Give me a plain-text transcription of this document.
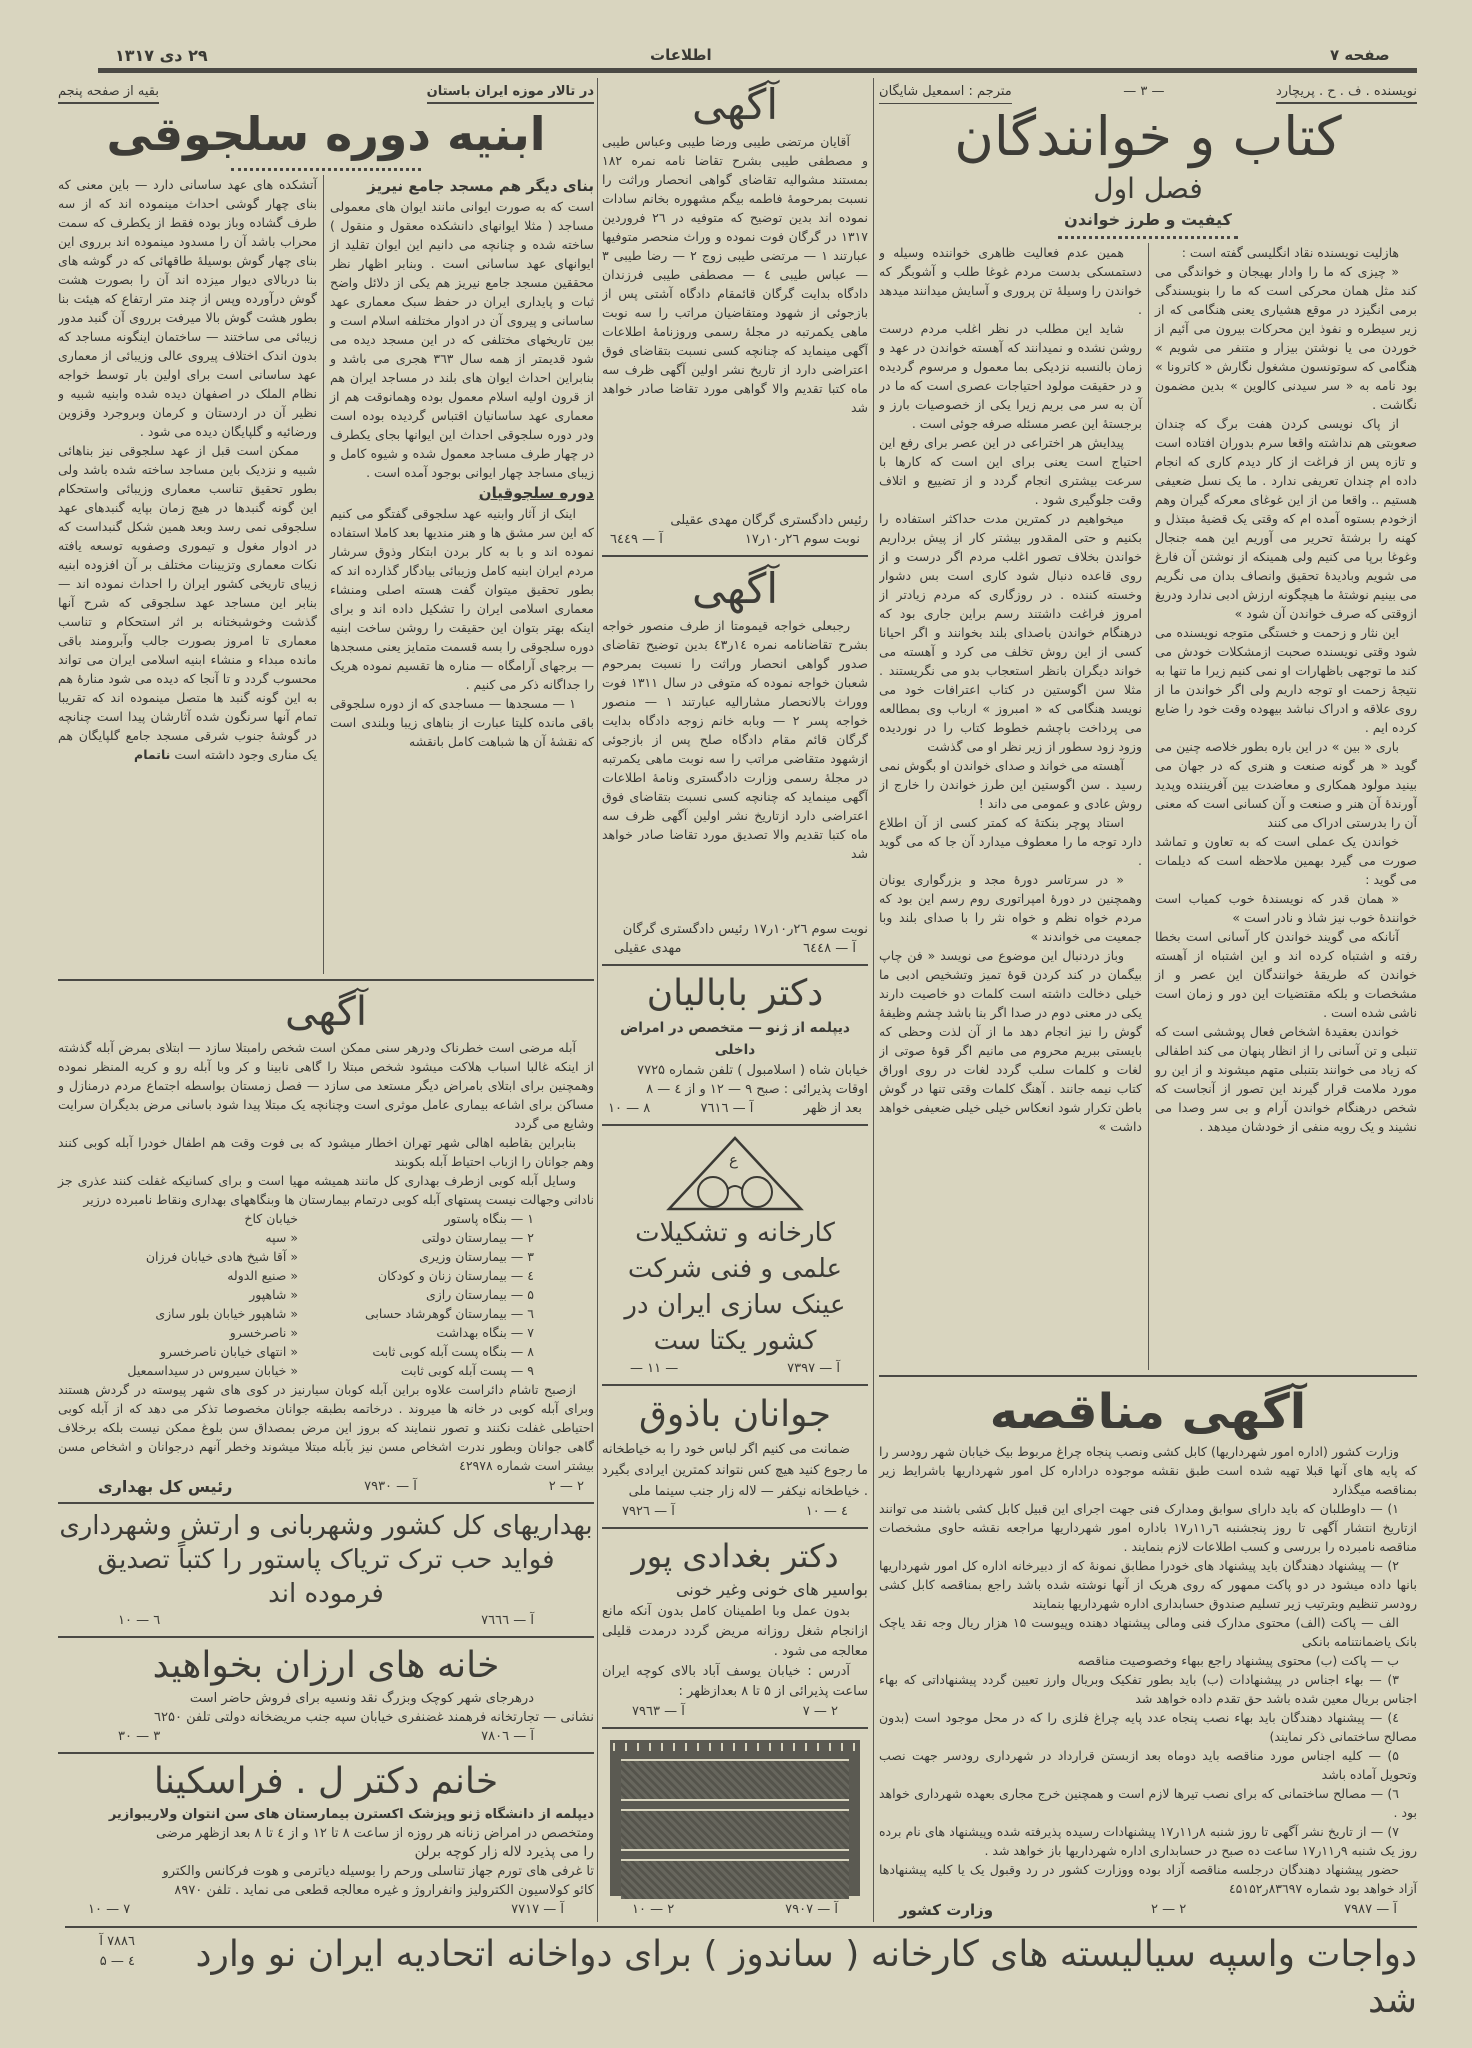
صفحه ۷
اطلاعات
۲۹ دی ۱۳۱۷
نویسنده . ف . ح . پریچارد
— ۳ —
مترجم : اسمعیل شایگان
کتاب و خوانندگان
فصل اول
کیفیت و طرز خواندن

هازلیت نویسنده نقاد انگلیسی گفته است :

« چیزی که ما را وادار بهیجان و خواندگی می کند مثل همان محرکی است که ما را بنویسندگی برمی انگیزد در موقع هشیاری یعنی هنگامی که از زیر سیطره و نفوذ این محرکات بیرون می آئیم از خوردن می یا نوشتن بیزار و متنفر می شویم » هنگامی که سوتونسون مشغول نگارش « کاترونا » بود نامه به « سر سیدنی کالوین » بدین مضمون نگاشت .

از پاک نویسی کردن هفت برگ که چندان صعوبتی هم نداشته واقعا سرم بدوران افتاده است و تازه پس از فراغت از کار دیدم کاری که انجام داده ام چندان تعریفی ندارد . ما یک نسل ضعیفی هستیم .. واقعا من از این غوغای معرکه گیران وهم ازخودم بستوه آمده ام که وقتی یک قضیهٔ مبتذل و کهنه را برشتهٔ تحریر می آوریم این همه جنجال وغوغا برپا می کنیم ولی همینکه از نوشتن آن فارغ می شویم وبادیدهٔ تحقیق وانصاف بدان می نگریم می بینیم نوشتهٔ ما هیچگونه ارزش ادبی ندارد ودریغ ازوقتی که صرف خواندن آن شود »

این نثار و زحمت و خستگی متوجه نویسنده می شود وقتی نویسنده صحبت ازمشکلات خودش می کند ما توجهی باظهارات او نمی کنیم زیرا ما تنها به نتیجهٔ زحمت او توجه داریم ولی اگر خواندن ما از روی علاقه و ادراک نباشد بیهوده وقت خود را ضایع کرده ایم .

باری « بین » در این باره بطور خلاصه چنین می گوید « هر گونه صنعت و هنری که در جهان می بینید مولود همکاری و معاضدت بین آفریننده وپدید آورندهٔ آن هنر و صنعت و آن کسانی است که معنی آن را بدرستی ادراک می کنند

خواندن یک عملی است که به تعاون و تماشد صورت می گیرد بهمین ملاحظه است که دیلمات می گوید :

« همان قدر که نویسندهٔ خوب کمیاب است خوانندهٔ خوب نیز شاذ و نادر است »

آنانکه می گویند خواندن کار آسانی است بخطا رفته و اشتباه کرده اند و این اشتباه از آهسته خواندن که طریقهٔ خوانندگان این عصر و از مشخصات و بلکه مقتضیات این دور و زمان است ناشی شده است .

خواندن بعقیدهٔ اشخاص فعال پوششی است که تنبلی و تن آسانی را از انظار پنهان می کند اطفالی که زیاد می خوانند بتنبلی متهم میشوند و از این رو مورد ملامت قرار گیرند این تصور از آنجاست که شخص درهنگام خواندن آرام و بی سر وصدا می نشیند و یک رویه منفی از خودشان میدهد .

همین عدم فعالیت ظاهری خواننده وسیله و دستمسکی بدست مردم غوغا طلب و آشوبگر که خواندن را وسیلهٔ تن پروری و آسایش میدانند میدهد .

شاید این مطلب در نظر اغلب مردم درست روشن نشده و نمیدانند که آهسته خواندن در عهد و زمان بالنسبه نزدیکی بما معمول و مرسوم گردیده و در حقیقت مولود احتیاجات عصری است که ما در آن به سر می بریم زیرا یکی از خصوصیات بارز و برجستهٔ این عصر مسئله صرفه جوئی است .

پیدایش هر اختراعی در این عصر برای رفع این احتیاج است یعنی برای این است که کارها با سرعت بیشتری انجام گردد و از تضییع و اتلاف وقت جلوگیری شود .

میخواهیم در کمترین مدت حداکثر استفاده را بکنیم و حتی المقدور بیشتر کار از پیش برداریم خواندن بخلاف تصور اغلب مردم اگر درست و از روی قاعده دنبال شود کاری است بس دشوار وخسته کننده . در روزگاری که مردم زیادتر از امروز فراغت داشتند رسم براین جاری بود که درهنگام خواندن باصدای بلند بخوانند و اگر احیانا کسی از این روش تخلف می کرد و آهسته می خواند دیگران بانظر استعجاب بدو می نگریستند . مثلا سن اگوستین در کتاب اعترافات خود می نویسد هنگامی که « امبروز » ارباب وی بمطالعه می پرداخت باچشم خطوط کتاب را در نوردیده وزود زود سطور از زیر نظر او می گذشت

آهسته می خواند و صدای خواندن او بگوش نمی رسید . سن اگوستین این طرز خواندن را خارج از روش عادی و عمومی می داند !

استاد پوچر بنکتهٔ که کمتر کسی از آن اطلاع دارد توجه ما را معطوف میدارد آن جا که می گوید .

« در سرتاسر دورهٔ مجد و بزرگواری یونان وهمچنین در دورهٔ امپراتوری روم رسم این بود که مردم خواه نظم و خواه نثر را با صدای بلند وبا جمعیت می خواندند »

وباز دردنبال این موضوع می نویسد « فن چاپ بیگمان در کند کردن قوهٔ تمیز وتشخیص ادبی ما خیلی دخالت داشته است کلمات دو خاصیت دارند یکی در معنی دوم در صدا اگر بنا باشد چشم وظیفهٔ گوش را نیز انجام دهد ما از آن لذت وحظی که بایستی ببریم محروم می مانیم اگر قوهٔ صوتی از لغات و کلمات سلب گردد لغات در روی اوراق کتاب نیمه جانند . آهنگ کلمات وقتی تنها در گوش باطن تکرار شود انعکاس خیلی خیلی ضعیفی خواهد داشت »

آگهی مناقصه

وزارت کشور (اداره امور شهرداریها) کابل کشی ونصب پنجاه چراغ مربوط بیک خیابان شهر رودسر را که پایه های آنها قبلا تهیه شده است طبق نقشه موجوده دراداره کل امور شهرداریها باشرایط زیر بمناقصه میگذارد

۱) — داوطلبان که باید دارای سوابق ومدارک فنی جهت اجرای این قبیل کابل کشی باشند می توانند ازتاریخ انتشار آگهی تا روز پنجشنبه ٦ر۱۱ر۱۷ باداره امور شهرداریها مراجعه نقشه حاوی مشخصات مناقصه نامبرده را بررسی و کسب اطلاعات لازم بنمایند .

۲) — پیشنهاد دهندگان باید پیشنهاد های خودرا مطابق نمونهٔ که از دبیرخانه اداره کل امور شهرداریها بانها داده میشود در دو پاکت ممهور که روی هریک از آنها نوشته شده باشد راجع بمناقصه کابل کشی رودسر تنظیم وبترتیب زیر تسلیم صندوق حسابداری اداره شهرداریها بنمایند

الف — پاکت (الف) محتوی مدارک فنی ومالی پیشنهاد دهنده وپیوست ۱۵ هزار ریال وجه نقد یاچک بانک یاضمانتنامه بانکی

ب — پاکت (ب) محتوی پیشنهاد راجع ببهاء وخصوصیت مناقصه

۳) — بهاء اجناس در پیشنهادات (ب) باید بطور تفکیک وبریال وارز تعیین گردد پیشنهاداتی که بهاء اجناس بریال معین شده باشد حق تقدم داده خواهد شد

٤) — پیشنهاد دهندگان باید بهاء نصب پنجاه عدد پایه چراغ فلزی را که در محل موجود است (بدون مصالح ساختمانی ذکر نمایند)

۵) — کلیه اجناس مورد مناقصه باید دوماه بعد ازبستن قرارداد در شهرداری رودسر جهت نصب وتحویل آماده باشد

٦) — مصالح ساختمانی که برای نصب تیرها لازم است و همچنین خرج مجاری بعهده شهرداری خواهد بود .

۷) — از تاریخ نشر آگهی تا روز شنبه ۸ر۱۱ر۱۷ پیشنهادات رسیده پذیرفته شده وپیشنهاد های نام برده روز یک شنبه ۹ر۱۱ر۱۷ ساعت ده صبح در حسابداری اداره شهرداریها باز خواهد شد .

حضور پیشنهاد دهندگان درجلسه مناقصه آزاد بوده ووزارت کشور در رد وقبول یک یا کلیه پیشنهادها آزاد خواهد بود شماره ۸۳٦۹۷ر٤۵۱۵۲

آ — ۷۹۸۷
۲ — ۲
وزارت کشور
آگهی

آقایان مرتضی طیبی ورضا طیبی وعباس طیبی و مصطفی طیبی بشرح تقاضا نامه نمره ۱۸۲ بمستند مشوالیه تقاضای گواهی انحصار وراثت را نسبت بمرحومهٔ فاطمه بیگم مشهوره بخانم سادات نموده اند بدین توضیح که متوفیه در ۲٦ فروردین ۱۳۱۷ در گرگان فوت نموده و وراث منحصر متوفیها عبارتند ۱ — مرتضی طیبی زوج ۲ — رضا طیبی ۳ — عباس طیبی ٤ — مصطفی طیبی فرزندان دادگاه بدایت گرگان قائمقام دادگاه آشتی پس از بازجوئی از شهود ومتقاضیان مراتب را سه نوبت ماهی یکمرتبه در مجلهٔ رسمی وروزنامهٔ اطلاعات آگهی مینماید که چنانچه کسی نسبت بتقاضای فوق اعتراضی دارد از تاریخ نشر اولین آگهی ظرف سه ماه کتبا تقدیم والا گواهی مورد تقاضا صادر خواهد شد

رئیس دادگستری گرگان مهدی عقیلی
نوبت سوم ۲٦ر۱۰ر۱۷
آ — ٦٤٤٩
آگهی

رجبعلی خواجه قیمومتا از طرف منصور خواجه بشرح تقاضانامه نمره ۱٤ر٤۳ بدین توضیح تقاضای صدور گواهی انحصار وراثت را نسبت بمرحوم شعبان خواجه نموده که متوفی در سال ۱۳۱۱ فوت ووراث بالانحصار مشارالیه عبارتند ۱ — منصور خواجه پسر ۲ — وبابه خانم زوجه دادگاه بدایت گرگان قائم مقام دادگاه صلح پس از بازجوئی ازشهود متقاضی مراتب را سه نوبت ماهی یکمرتبه در مجلهٔ رسمی وزارت دادگستری ونامهٔ اطلاعات آگهی مینماید که چنانچه کسی نسبت بتقاضای فوق اعتراضی دارد ازتاریخ نشر اولین آگهی ظرف سه ماه کتبا تقدیم والا تصدیق مورد تقاضا صادر خواهد شد

نوبت سوم ۲٦ر۱۰ر۱۷ رئیس دادگستری گرگان
آ — ٦٤٤۸
مهدی عقیلی
دکتر بابالیان
دیپلمه از ژنو — متخصص در امراض داخلی
خیابان شاه ( اسلامبول ) تلفن شماره ۷۷۲۵
اوقات پذیرائی : صبح ۹ — ۱۲ و از ٤ — ۸
بعد از ظهر
آ — ۷٦۱٦
۸ — ۱۰
ع
کارخانه و تشکیلات علمی و فنی شرکت عینک سازی ایران در کشور یکتا ست
آ — ۷۳۹۷
— ۱۱ —
جوانان باذوق

ضمانت می کنیم اگر لباس خود را به خیاطخانه ما رجوع کنید هیچ کس نتواند کمترین ایرادی بگیرد . خیاطخانه نیکفر — لاله زار جنب سینما ملی

٤ — ۱۰
آ — ۷۹۲٦
دکتر بغدادی پور
بواسیر های خونی وغیر خونی

بدون عمل وبا اطمینان کامل بدون آنکه مانع ازانجام شغل روزانه مریض گردد درمدت قلیلی معالجه می شود .

آدرس : خیابان یوسف آباد بالای کوچه ایران ساعت پذیرائی از ۵ تا ۸ بعدازظهر :

۲ — ۷
آ — ۷۹٦۳
آ — ۷۹۰۷
۲ — ۱۰
در تالار موزه ایران باستان
بقیه از صفحه پنجم
ابنیه دوره سلجوقی
بنای دیگر هم مسجد جامع نیریز

است که به صورت ایوانی مانند ایوان های معمولی مساجد ( مثلا ایوانهای دانشکده معقول و منقول ) ساخته شده و چنانچه می دانیم این ایوان تقلید از ایوانهای عهد ساسانی است . وبنابر اظهار نظر محققین مسجد جامع نیریز هم یکی از دلائل واضح ثبات و پایداری ایران در حفظ سبک معماری عهد ساسانی و پیروی آن در ادوار مختلفه اسلام است و بین تاریخهای مختلفی که در این مسجد دیده می شود قدیمتر از همه سال ۳٦۳ هجری می باشد و بنابراین احداث ایوان های بلند در مساجد ایران هم از قرون اولیه اسلام معمول بوده وهمانوقت هم از معماری عهد ساسانیان اقتباس گردیده بوده است ودر دوره سلجوقی احداث این ایوانها بجای یکطرف در چهار طرف مساجد معمول شده و شیوه کامل و زیبای مساجد چهار ایوانی بوجود آمده است .

دوره سلجوقیان

اینک از آثار وابنیه عهد سلجوقی گفتگو می کنیم که این سر مشق ها و هنر مندیها بعد کاملا استفاده نموده اند و با به کار بردن ابتکار وذوق سرشار مردم ایران ابنیه کامل وزیبائی بیادگار گذارده اند که بطور تحقیق میتوان گفت هسته اصلی ومنشاء معماری اسلامی ایران را تشکیل داده اند و برای اینکه بهتر بتوان این حقیقت را روشن ساخت ابنیه دوره سلجوقی را بسه قسمت متمایز یعنی مسجدها — برجهای آرامگاه — مناره ها تقسیم نموده هریک را جداگانه ذکر می کنیم .

۱ — مسجدها — مساجدی که از دوره سلجوقی باقی مانده کلیتا عبارت از بناهای زیبا وبلندی است که نقشهٔ آن ها شباهت کامل بانقشه

آتشکده های عهد ساسانی دارد — باین معنی که بنای چهار گوشی احداث مینموده اند که از سه طرف گشاده وباز بوده فقط از یکطرف که سمت محراب باشد آن را مسدود مینموده اند برروی این بنای چهار گوش بوسیلهٔ طاقهائی که در گوشه های بنا دربالای دیوار میزده اند آن را بصورت هشت گوش درآورده وپس از چند متر ارتفاع که هیئت بنا بطور هشت گوش بالا میرفت برروی آن گنبد مدور زیبائی می ساختند — ساختمان اینگونه مساجد که بدون اندک اختلاف پیروی عالی وزیبائی از معماری عهد ساسانی است برای اولین بار توسط خواجه نظام الملک در اصفهان دیده شده وابنیه شبیه و نظیر آن در اردستان و کرمان وبروجرد وقزوین ورضائیه و گلپایگان دیده می شود .

ممکن است قبل از عهد سلجوقی نیز بناهائی شبیه و نزدیک باین مساجد ساخته شده باشد ولی بطور تحقیق تناسب معماری وزیبائی واستحکام این گونه گنبدها در هیچ زمان بپایه گنبدهای عهد سلجوقی نمی رسد وبعد همین شکل گنبداست که در ادوار مغول و تیموری وصفویه توسعه یافته نکات معماری وتزیینات مختلف بر آن افزوده ابنیه زیبای تاریخی کشور ایران را احداث نموده اند — بنابر این مساجد عهد سلجوقی که شرح آنها گذشت وخوشبختانه بر اثر استحکام و تناسب معماری تا امروز بصورت جالب وآبرومند باقی مانده مبداء و منشاء ابنیه اسلامی ایران می تواند محسوب گردد و تا آنجا که دیده می شود منارهٔ هم به این گونه گنبد ها متصل مینموده اند که تقریبا تمام آنها سرنگون شده آثارشان پیدا است چنانچه در گوشهٔ جنوب شرقی مسجد جامع گلپایگان هم یک مناری وجود داشته است ناتمام

آگهی

آبله مرضی است خطرناک ودرهر سنی ممکن است شخص رامبتلا سازد — ابتلای بمرض آبله گذشته از اینکه غالبا اسباب هلاکت میشود شخص مبتلا را گاهی نابینا و کر وبا آبله رو و کریه المنظر نموده وهمچنین برای ابتلای بامراض دیگر مستعد می سازد — فصل زمستان بواسطه اجتماع مردم درمنازل و مساکن برای اشاعه بیماری عامل موثری است وچنانچه یک مبتلا پیدا شود باسانی مرض بدیگران سرایت وشایع می گردد

بنابراین بقاطبه اهالی شهر تهران اخطار میشود که بی فوت وقت هم اطفال خودرا آبله کوبی کنند وهم جوانان را ازباب احتیاط آبله بکوبند

وسایل آبله کوبی ازطرف بهداری کل مانند همیشه مهیا است و برای کسانیکه غفلت کنند عذری جز نادانی وجهالت نیست پستهای آبله کوبی درتمام بیمارستان ها وبنگاههای بهداری ونقاط نامبرده درزیر

۱ — بنگاه پاستور
خیابان کاخ
۲ — بیمارستان دولتی
« سپه
۳ — بیمارستان وزیری
« آقا شیخ هادی خیابان فرزان
٤ — بیمارستان زنان و کودکان
« صنیع الدوله
۵ — بیمارستان رازی
« شاهپور
٦ — بیمارستان گوهرشاد حسابی
« شاهپور خیابان بلور سازی
۷ — بنگاه بهداشت
« ناصرخسرو
۸ — بنگاه پست آبله کوبی ثابت
« انتهای خیابان ناصرخسرو
۹ — پست آبله کوبی ثابت
« خیابان سیروس در سیداسمعیل

ازصبح تاشام دائراست علاوه براین آبله کوبان سیارنیز در کوی های شهر پیوسته در گردش هستند وبرای آبله کوبی در خانه ها میروند . درخاتمه بطبقه جوانان مخصوصا تذکر می دهد که از آبله کوبی احتیاطی غفلت نکنند و تصور ننمایند که بروز این مرض بمصداق سن بلوغ ممکن نیست بلکه برخلاف گاهی جوانان وبطور ندرت اشخاص مسن نیز بآبله مبتلا میشوند وخطر آنهم درجوانان و اشخاص مسن بیشتر است شماره ٤۲۹۷۸

۲ — ۲
آ — ۷۹۳۰
رئیس کل بهداری
بهداریهای کل کشور وشهربانی و ارتش وشهرداری
فواید حب ترک تریاک پاستور را کتباً تصدیق فرموده اند
آ — ۷٦٦٦
٦ — ۱۰
خانه های ارزان بخواهید
درهرجای شهر کوچک وبزرگ نقد ونسیه برای فروش حاضر است
نشانی — تجارتخانه فرهمند غضنفری خیابان سپه جنب مریضخانه دولتی تلفن ٦۲۵۰
آ — ۷۸۰٦
۳ — ۳۰
خانم دکتر ل . فراسکینا
دیپلمه از دانشگاه ژنو وپزشک اکسترن بیمارستان های سن انتوان ولاریبوازیر
ومتخصص در امراض زنانه هر روزه از ساعت ۸ تا ۱۲ و از ٤ تا ۸ بعد ازظهر مرضی
را می پذیرد لاله زار کوچه برلن
تا غرفی های تورم جهاز تناسلی ورحم را بوسیله دیاترمی و هوت فرکانس والکترو
کائو کولاسیون الکترولیز وانفراروژ و غیره معالجه قطعی می نماید . تلفن ۸۹۷۰
آ — ۷۷۱۷
۷ — ۱۰
۷۸۸٦ آ
٤ — ۵	دواجات واسپه سیالیسته های کارخانه ( ساندوز ) برای دواخانه اتحادیه ایران نو وارد شد
